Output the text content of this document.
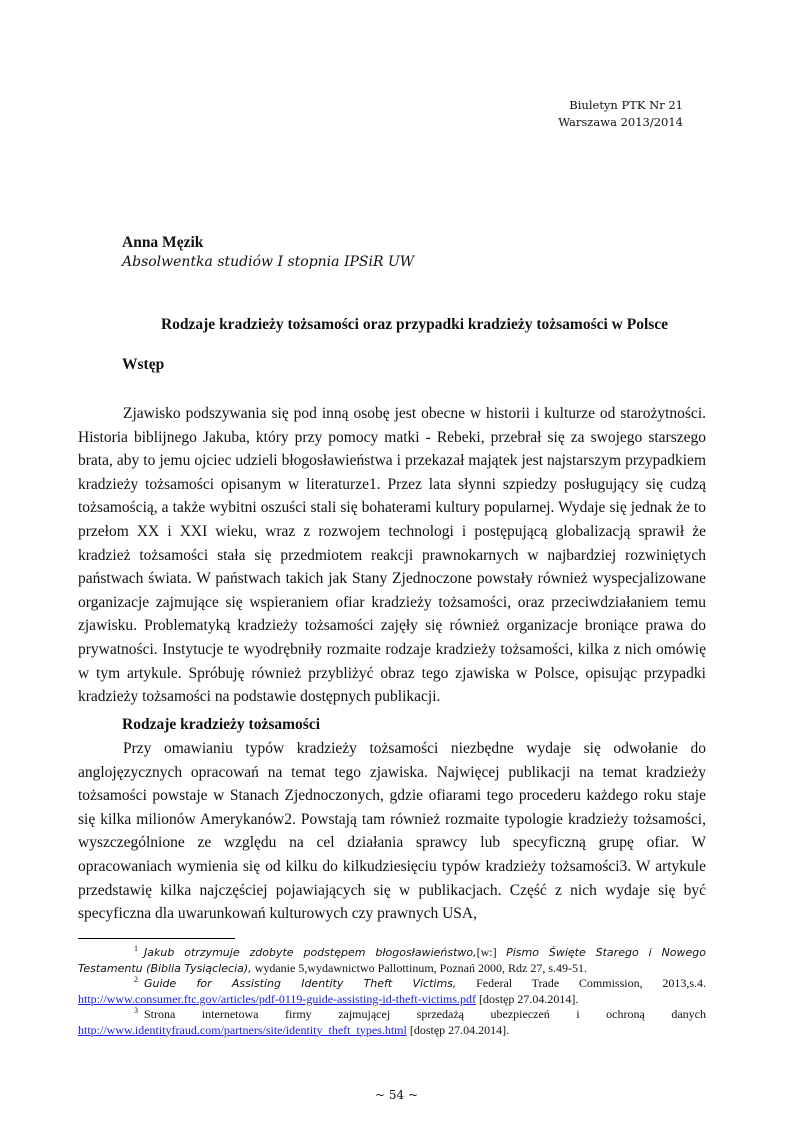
Biuletyn PTK Nr 21
Warszawa 2013/2014
Anna Męzik
Absolwentka studiów I stopnia IPSiR UW
Rodzaje kradzieży tożsamości oraz przypadki kradzieży tożsamości w Polsce
Wstęp
Zjawisko podszywania się pod inną osobę jest obecne w historii i kulturze od starożytności. Historia biblijnego Jakuba, który przy pomocy matki - Rebeki, przebrał się za swojego starszego brata, aby to jemu ojciec udzieli błogosławieństwa i przekazał majątek jest najstarszym przypadkiem kradzieży tożsamości opisanym w literaturze1. Przez lata słynni szpiedzy posługujący się cudzą tożsamością, a także wybitni oszuści stali się bohaterami kultury popularnej. Wydaje się jednak że to przełom XX i XXI wieku, wraz z rozwojem technologi i postępującą globalizacją sprawił że kradzież tożsamości stała się przedmiotem reakcji prawnokarnych w najbardziej rozwiniętych państwach świata. W państwach takich jak Stany Zjednoczone powstały również wyspecjalizowane organizacje zajmujące się wspieraniem ofiar kradzieży tożsamości, oraz przeciwdziałaniem temu zjawisku. Problematyką kradzieży tożsamości zajęły się również organizacje broniące prawa do prywatności. Instytucje te wyodrębniły rozmaite rodzaje kradzieży tożsamości, kilka z nich omówię w tym artykule. Spróbuję również przybliżyć obraz tego zjawiska w Polsce, opisując przypadki kradzieży tożsamości na podstawie dostępnych publikacji.
Rodzaje kradzieży tożsamości
Przy omawianiu typów kradzieży tożsamości niezbędne wydaje się odwołanie do anglojęzycznych opracowań na temat tego zjawiska. Najwięcej publikacji na temat kradzieży tożsamości powstaje w Stanach Zjednoczonych, gdzie ofiarami tego procederu każdego roku staje się kilka milionów Amerykanów2. Powstają tam również rozmaite typologie kradzieży tożsamości, wyszczególnione ze względu na cel działania sprawcy lub specyficzną grupę ofiar. W opracowaniach wymienia się od kilku do kilkudziesięciu typów kradzieży tożsamości3. W artykule przedstawię kilka najczęściej pojawiających się w publikacjach. Część z nich wydaje się być specyficzna dla uwarunkowań kulturowych czy prawnych USA,

1 Jakub otrzymuje zdobyte podstępem błogosławieństwo,[w:] Pismo Święte Starego i Nowego Testamentu (Biblia Tysiąclecia), wydanie 5,wydawnictwo Pallottinum, Poznań 2000, Rdz 27, s.49-51.

2 Guide for Assisting Identity Theft Victims, Federal Trade Commission, 2013,s.4. http://www.consumer.ftc.gov/articles/pdf-0119-guide-assisting-id-theft-victims.pdf [dostęp 27.04.2014].

3 Strona internetowa firmy zajmującej sprzedażą ubezpieczeń i ochroną danych http://www.identityfraud.com/partners/site/identity_theft_types.html [dostęp 27.04.2014].

~ 54 ~
